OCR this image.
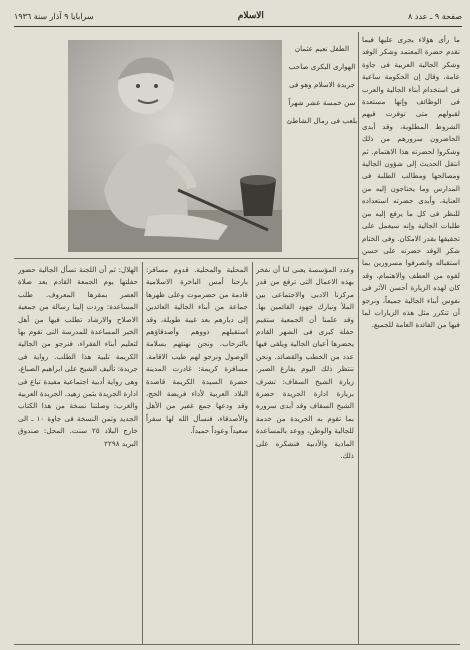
صفحة ٩ ـ عدد ٨
الاسلام
سرابايا ٩ آذار سنة ١٩٣٦
ما رأى هؤلاء يجرى عليها فيما تقدم حضرة المعتمد وشكر الوفد وشكر الجالية العربية فى جاوة عامة، وقال إن الحكومة ساعية فى استخدام أبناء الجالية والعرب فى الوظائف وإنها مستعدة لقبولهم متى توفرت فيهم الشروط المطلوبة، وقد أبدى الحاضرون سرورهم من ذلك وشكروا لحضرته هذا الاهتمام. ثم انتقل الحديث إلى شؤون الجالية ومصالحها ومطالب الطلبة فى المدارس وما يحتاجون إليه من العناية، وأبدى حضرته استعداده للنظر فى كل ما يرفع إليه من طلبات الجالية وإنه سيعمل على تحقيقها بقدر الامكان. وفى الختام شكر الوفد حضرته على حسن استقباله وانصرفوا مسرورين بما لقوه من العطف والاهتمام، وقد كان لهذه الزيارة أحسن الأثر فى نفوس أبناء الجالية جميعاً، ونرجو أن تتكرر مثل هذه الزيارات لما فيها من الفائدة العامة للجميع.
الطفل نعيم عثمان الهوارى البكرى صاحب جريدة الاسلام وهو فى سن خمسة عشر شهراً يلعب فى رمال الشاطئ
وعدد المؤسسة يعنى لنا أن نفخر بهذه الاعمال التى ترفع من قدر مركزنا الادبى والاجتماعى بين الملأ ونبارك جهود القائمين بها. وقد علمنا أن الجمعية ستقيم حفلة كبرى فى الشهر القادم يحضرها أعيان الجالية ويلقى فيها عدد من الخطب والقصائد. ونحن ننتظر ذلك اليوم بفارغ الصبر. زيارة الشيخ السقاف: تشرف بزيارة ادارة الجريدة حضرة الشيخ السقاف وقد أبدى سروره بما تقوم به الجريدة من خدمة للجالية والوطن، ووعد بالمساعدة المادية والأدبية فنشكره على ذلك.
المحلية والمحلية. قدوم مسافر: بارحنا أمس الباخرة الاسلامية قادمة من حضرموت وعلى ظهرها جماعة من أبناء الجالية العائدين إلى ديارهم بعد غيبة طويلة، وقد استقبلهم ذووهم وأصدقاؤهم بالترحاب. ونحن نهنئهم بسلامة الوصول ونرجو لهم طيب الاقامة. مسافرة كريمة: غادرت المدينة حضرة السيدة الكريمة قاصدة البلاد العربية لأداء فريضة الحج، وقد ودعها جمع غفير من الأهل والأصدقاء، فنسأل الله لها سفراً سعيداً وعوداً حميداً.
الهلال: ثم أن اللجنة تسأل الجالية حضور حفلتها يوم الجمعة القادم بعد صلاة العصر بمقرها المعروف. طلب المساعدة: وردت إلينا رسالة من جمعية الاصلاح والارشاد تطلب فيها من أهل الخير المساعدة للمدرسة التى تقوم بها لتعليم أبناء الفقراء، فنرجو من الجالية الكريمة تلبية هذا الطلب. رواية فى جريدة: تأليف الشيخ على ابراهيم الصباغ، وهى رواية أدبية اجتماعية مفيدة تباع فى ادارة الجريدة بثمن زهيد. الجريدة العربية والغرب: وصلتنا نسخة من هذا الكتاب الجديد وثمن النسخة فى جاوة ١٠ ـ الى خارج البلاد ٢٥ سنت. المحل: صندوق البريد ٢٢٩٨
